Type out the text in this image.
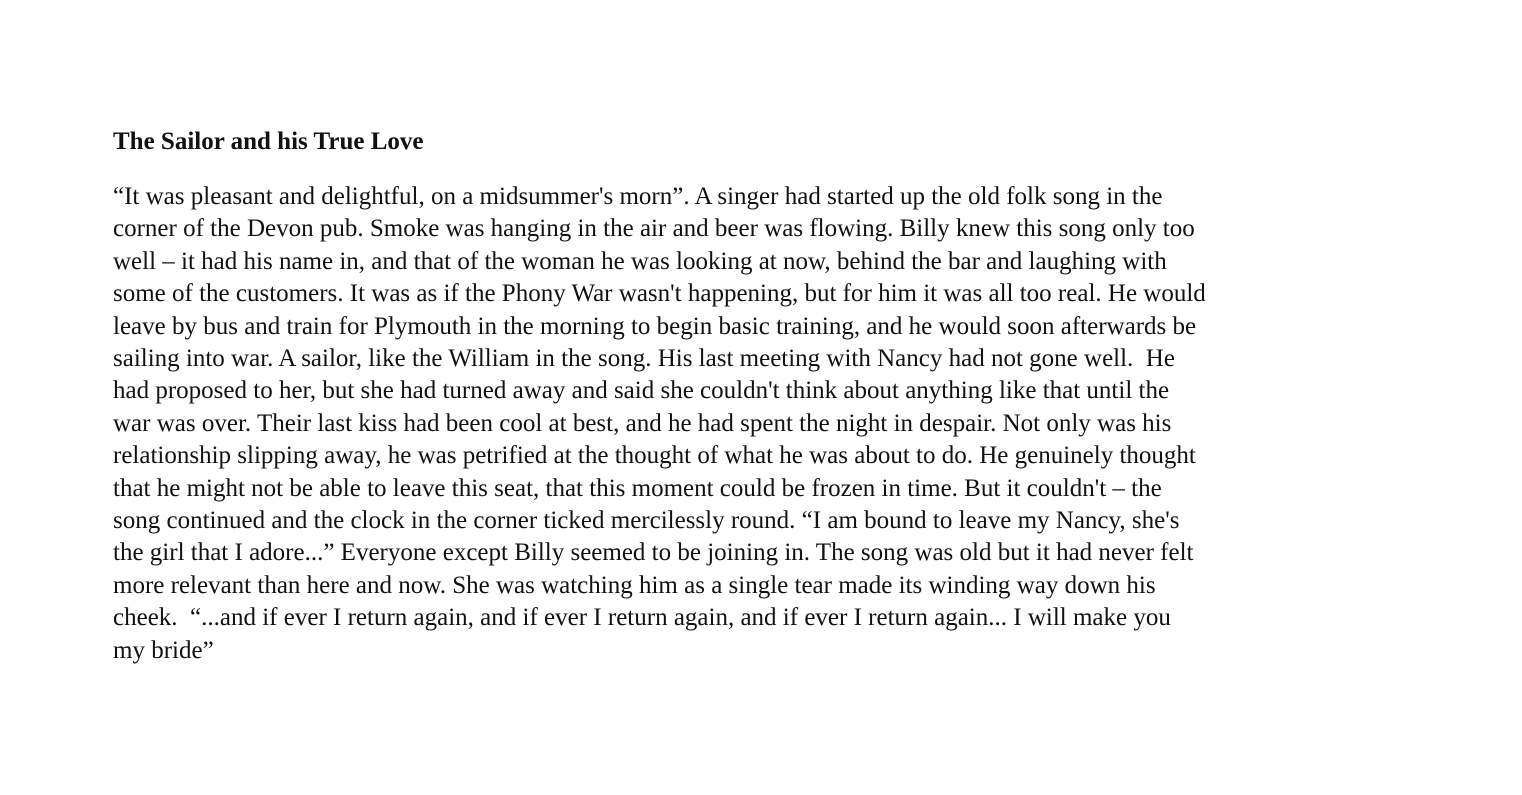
The Sailor and his True Love

“It was pleasant and delightful, on a midsummer's morn”. A singer had started up the old folk song in the
corner of the Devon pub. Smoke was hanging in the air and beer was flowing. Billy knew this song only too
well – it had his name in, and that of the woman he was looking at now, behind the bar and laughing with
some of the customers. It was as if the Phony War wasn't happening, but for him it was all too real. He would
leave by bus and train for Plymouth in the morning to begin basic training, and he would soon afterwards be
sailing into war. A sailor, like the William in the song. His last meeting with Nancy had not gone well.  He
had proposed to her, but she had turned away and said she couldn't think about anything like that until the
war was over. Their last kiss had been cool at best, and he had spent the night in despair. Not only was his
relationship slipping away, he was petrified at the thought of what he was about to do. He genuinely thought
that he might not be able to leave this seat, that this moment could be frozen in time. But it couldn't – the
song continued and the clock in the corner ticked mercilessly round. “I am bound to leave my Nancy, she's
the girl that I adore...” Everyone except Billy seemed to be joining in. The song was old but it had never felt
more relevant than here and now. She was watching him as a single tear made its winding way down his
cheek.  “...and if ever I return again, and if ever I return again, and if ever I return again... I will make you
my bride”
